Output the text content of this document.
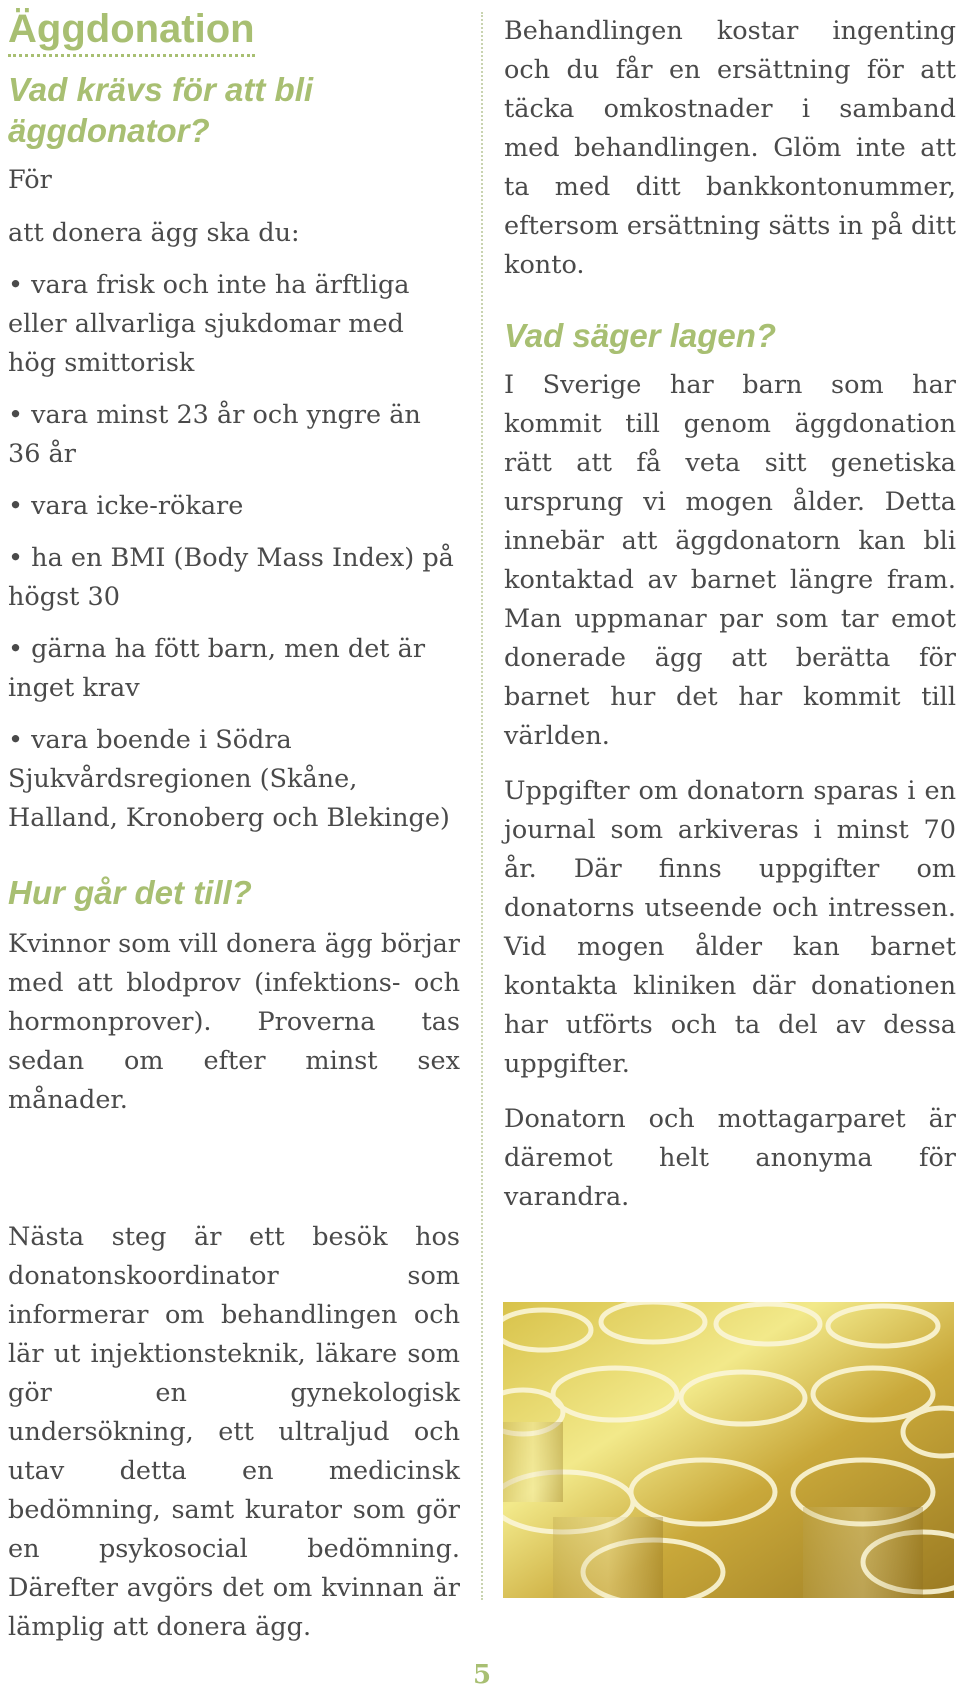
Äggdonation
Vad krävs för att bli äggdonator?

För

att donera ägg ska du:

• vara frisk och inte ha ärftliga eller allvarliga sjukdomar med hög smittorisk

• vara minst 23 år och yngre än 36 år

• vara icke-rökare

• ha en BMI (Body Mass Index) på högst 30

• gärna ha fött barn, men det är inget krav

• vara boende i Södra Sjukvårdsregionen (Skåne, Halland, Kronoberg och Blekinge)

Hur går det till?

Kvinnor som vill donera ägg börjar med att blodprov (infektions- och hormonprover). Proverna tas sedan om efter minst sex månader.

Nästa steg är ett besök hos donatonskoordinator som informerar om behandlingen och lär ut injektionsteknik, läkare som gör en gynekologisk undersökning, ett ultraljud och utav detta en medicinsk bedömning, samt kurator som gör en psykosocial bedömning. Därefter avgörs det om kvinnan är lämplig att donera ägg.

Behandlingen kostar ingenting och du får en ersättning för att täcka omkostnader i samband med behandlingen. Glöm inte att ta med ditt bankkontonummer, eftersom ersättning sätts in på ditt konto.

Vad säger lagen?

I Sverige har barn som har kommit till genom äggdonation rätt att få veta sitt genetiska ursprung vi mogen ålder. Detta innebär att äggdonatorn kan bli kontaktad av barnet längre fram. Man uppmanar par som tar emot donerade ägg att berätta för barnet hur det har kommit till världen.

Uppgifter om donatorn sparas i en journal som arkiveras i minst 70 år. Där finns uppgifter om donatorns utseende och intressen. Vid mogen ålder kan barnet kontakta kliniken där donationen har utförts och ta del av dessa uppgifter.

Donatorn och mottagarparet är däremot helt anonyma för varandra.

5
